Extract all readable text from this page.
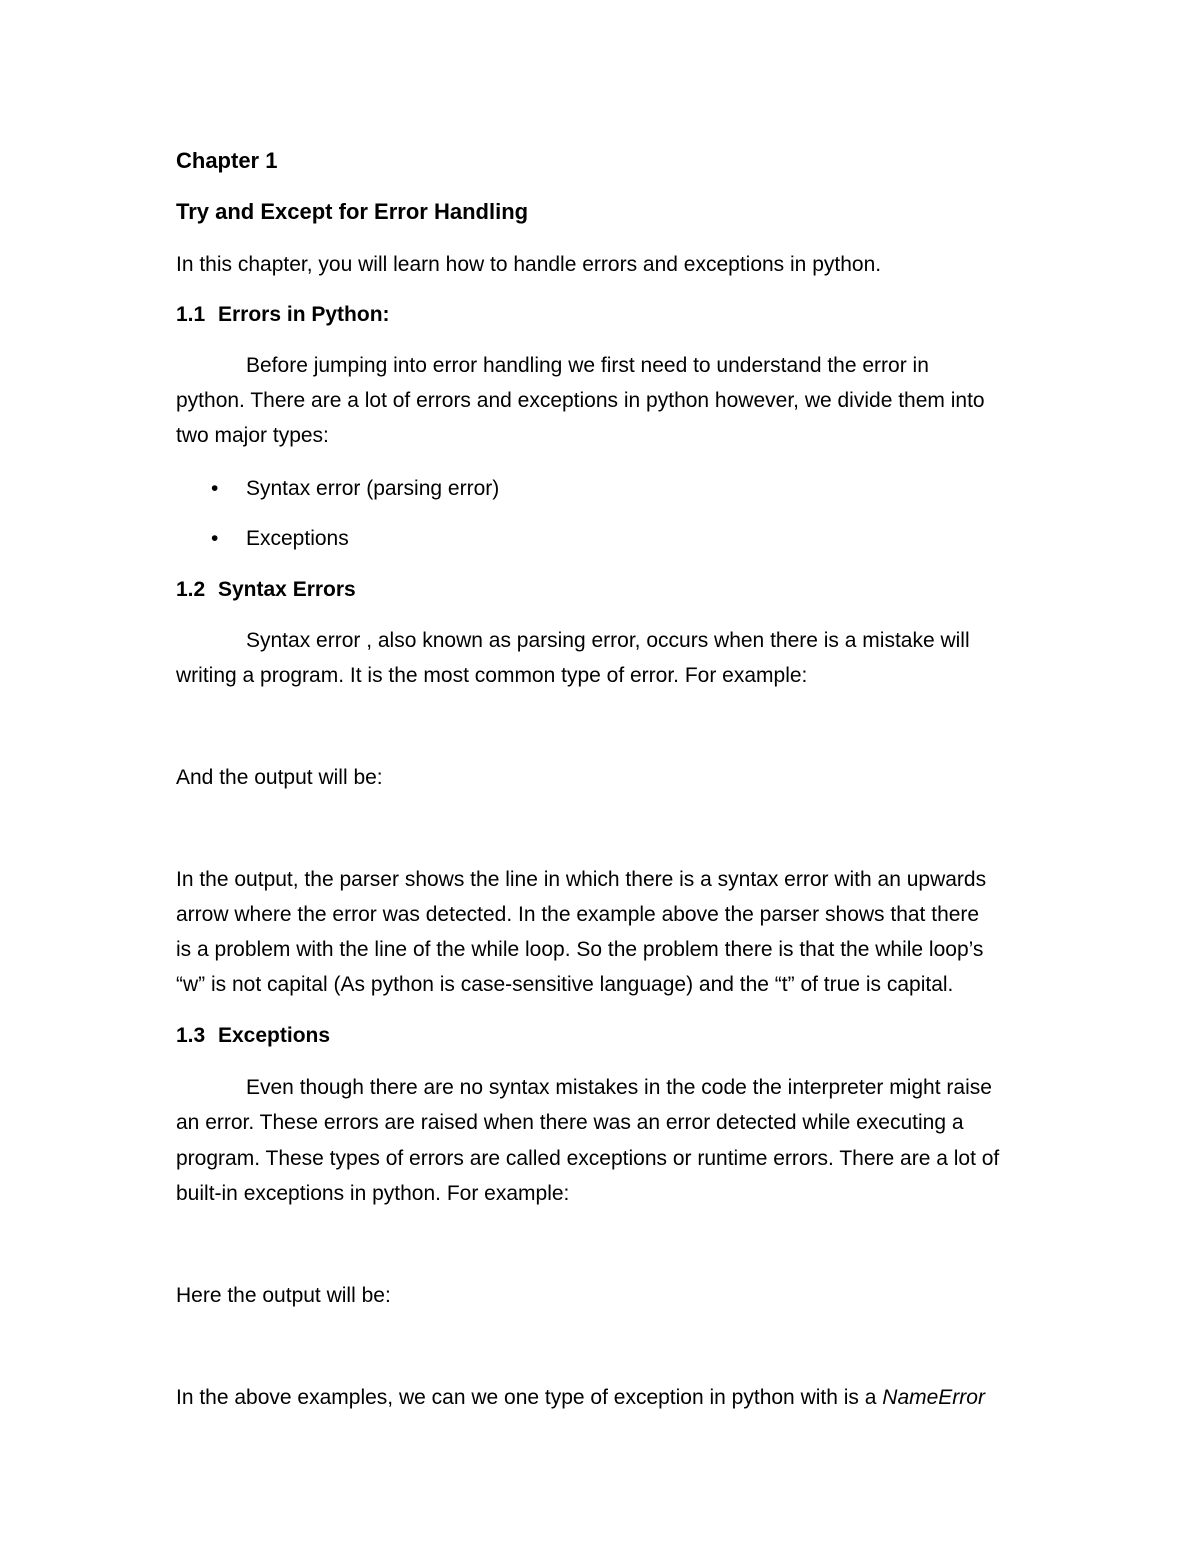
Chapter 1
Try and Except for Error Handling
In this chapter, you will learn how to handle errors and exceptions in python.
1.1 Errors in Python:
Before jumping into error handling we first need to understand the error in
python. There are a lot of errors and exceptions in python however, we divide them into
two major types:
• Syntax error (parsing error)
• Exceptions
1.2 Syntax Errors
Syntax error , also known as parsing error, occurs when there is a mistake will
writing a program. It is the most common type of error. For example:
And the output will be:
In the output, the parser shows the line in which there is a syntax error with an upwards
arrow where the error was detected. In the example above the parser shows that there
is a problem with the line of the while loop. So the problem there is that the while loop’s
“w” is not capital (As python is case-sensitive language) and the “t” of true is capital.
1.3 Exceptions
Even though there are no syntax mistakes in the code the interpreter might raise
an error. These errors are raised when there was an error detected while executing a
program. These types of errors are called exceptions or runtime errors. There are a lot of
built-in exceptions in python. For example:
Here the output will be:
In the above examples, we can we one type of exception in python with is a NameError
